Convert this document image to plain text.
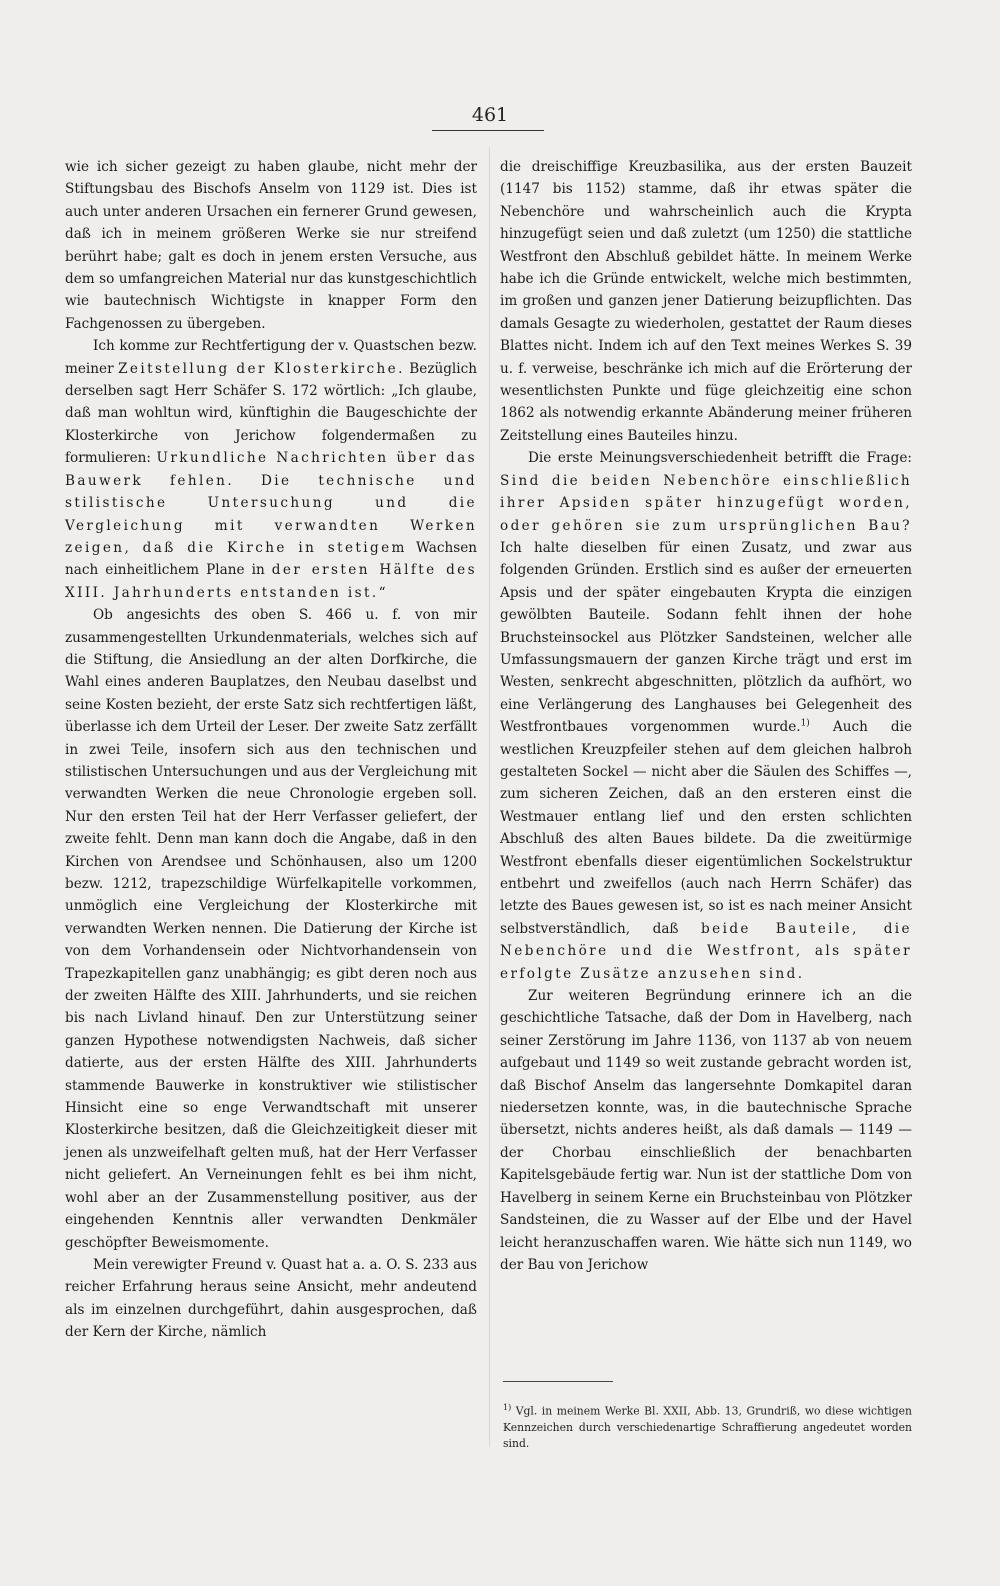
461

wie ich sicher gezeigt zu haben glaube, nicht mehr der Stiftungsbau des Bischofs Anselm von 1129 ist. Dies ist auch unter anderen Ursachen ein fernerer Grund gewesen, daß ich in meinem größeren Werke sie nur streifend berührt habe; galt es doch in jenem ersten Versuche, aus dem so umfangreichen Material nur das kunstgeschichtlich wie bautechnisch Wichtigste in knapper Form den Fachgenossen zu übergeben.

Ich komme zur Rechtfertigung der v. Quastschen bezw. meiner Zeitstellung der Klosterkirche. Bezüglich derselben sagt Herr Schäfer S. 172 wörtlich: „Ich glaube, daß man wohltun wird, künftighin die Baugeschichte der Klosterkirche von Jerichow folgendermaßen zu formulieren: Urkundliche Nachrichten über das Bauwerk fehlen. Die technische und stilistische Untersuchung und die Vergleichung mit verwandten Werken zeigen, daß die Kirche in stetigem Wachsen nach einheitlichem Plane in der ersten Hälfte des XIII. Jahrhunderts entstanden ist.“

Ob angesichts des oben S. 466 u. f. von mir zusammengestellten Urkundenmaterials, welches sich auf die Stiftung, die Ansiedlung an der alten Dorfkirche, die Wahl eines anderen Bauplatzes, den Neubau daselbst und seine Kosten bezieht, der erste Satz sich rechtfertigen läßt, überlasse ich dem Urteil der Leser. Der zweite Satz zerfällt in zwei Teile, insofern sich aus den technischen und stilistischen Untersuchungen und aus der Vergleichung mit verwandten Werken die neue Chronologie ergeben soll. Nur den ersten Teil hat der Herr Verfasser geliefert, der zweite fehlt. Denn man kann doch die Angabe, daß in den Kirchen von Arendsee und Schönhausen, also um 1200 bezw. 1212, trapezschildige Würfelkapitelle vorkommen, unmöglich eine Vergleichung der Klosterkirche mit verwandten Werken nennen. Die Datierung der Kirche ist von dem Vorhandensein oder Nichtvorhandensein von Trapezkapitellen ganz unabhängig; es gibt deren noch aus der zweiten Hälfte des XIII. Jahrhunderts, und sie reichen bis nach Livland hinauf. Den zur Unterstützung seiner ganzen Hypothese notwendigsten Nachweis, daß sicher datierte, aus der ersten Hälfte des XIII. Jahrhunderts stammende Bauwerke in konstruktiver wie stilistischer Hinsicht eine so enge Verwandtschaft mit unserer Klosterkirche besitzen, daß die Gleichzeitigkeit dieser mit jenen als unzweifelhaft gelten muß, hat der Herr Verfasser nicht geliefert. An Verneinungen fehlt es bei ihm nicht, wohl aber an der Zusammenstellung positiver, aus der eingehenden Kenntnis aller verwandten Denkmäler geschöpfter Beweismomente.

Mein verewigter Freund v. Quast hat a. a. O. S. 233 aus reicher Erfahrung heraus seine Ansicht, mehr andeutend als im einzelnen durchgeführt, dahin ausgesprochen, daß der Kern der Kirche, nämlich

die dreischiffige Kreuzbasilika, aus der ersten Bauzeit (1147 bis 1152) stamme, daß ihr etwas später die Nebenchöre und wahrscheinlich auch die Krypta hinzugefügt seien und daß zuletzt (um 1250) die stattliche Westfront den Abschluß gebildet hätte. In meinem Werke habe ich die Gründe entwickelt, welche mich bestimmten, im großen und ganzen jener Datierung beizupflichten. Das damals Gesagte zu wiederholen, gestattet der Raum dieses Blattes nicht. Indem ich auf den Text meines Werkes S. 39 u. f. verweise, beschränke ich mich auf die Erörterung der wesentlichsten Punkte und füge gleichzeitig eine schon 1862 als notwendig erkannte Abänderung meiner früheren Zeitstellung eines Bauteiles hinzu.

Die erste Meinungsverschiedenheit betrifft die Frage: Sind die beiden Nebenchöre einschließlich ihrer Apsiden später hinzugefügt worden, oder gehören sie zum ursprünglichen Bau? Ich halte dieselben für einen Zusatz, und zwar aus folgenden Gründen. Erstlich sind es außer der erneuerten Apsis und der später eingebauten Krypta die einzigen gewölbten Bauteile. Sodann fehlt ihnen der hohe Bruchsteinsockel aus Plötzker Sandsteinen, welcher alle Umfassungsmauern der ganzen Kirche trägt und erst im Westen, senkrecht abgeschnitten, plötzlich da aufhört, wo eine Verlängerung des Langhauses bei Gelegenheit des Westfrontbaues vorgenommen wurde.$^{1)}$ Auch die westlichen Kreuzpfeiler stehen auf dem gleichen halbroh gestalteten Sockel — nicht aber die Säulen des Schiffes —, zum sicheren Zeichen, daß an den ersteren einst die Westmauer entlang lief und den ersten schlichten Abschluß des alten Baues bildete. Da die zweitürmige Westfront ebenfalls dieser eigentümlichen Sockelstruktur entbehrt und zweifellos (auch nach Herrn Schäfer) das letzte des Baues gewesen ist, so ist es nach meiner Ansicht selbstverständlich, daß beide Bauteile, die Nebenchöre und die Westfront, als später erfolgte Zusätze anzusehen sind.

Zur weiteren Begründung erinnere ich an die geschichtliche Tatsache, daß der Dom in Havelberg, nach seiner Zerstörung im Jahre 1136, von 1137 ab von neuem aufgebaut und 1149 so weit zustande gebracht worden ist, daß Bischof Anselm das langersehnte Domkapitel daran niedersetzen konnte, was, in die bautechnische Sprache übersetzt, nichts anderes heißt, als daß damals — 1149 — der Chorbau einschließlich der benachbarten Kapitelsgebäude fertig war. Nun ist der stattliche Dom von Havelberg in seinem Kerne ein Bruchsteinbau von Plötzker Sandsteinen, die zu Wasser auf der Elbe und der Havel leicht heranzuschaffen waren. Wie hätte sich nun 1149, wo der Bau von Jerichow

$^{1)}$ Vgl. in meinem Werke Bl. XXII, Abb. 13, Grundriß, wo diese wichtigen Kennzeichen durch verschiedenartige Schraffierung angedeutet worden sind.
